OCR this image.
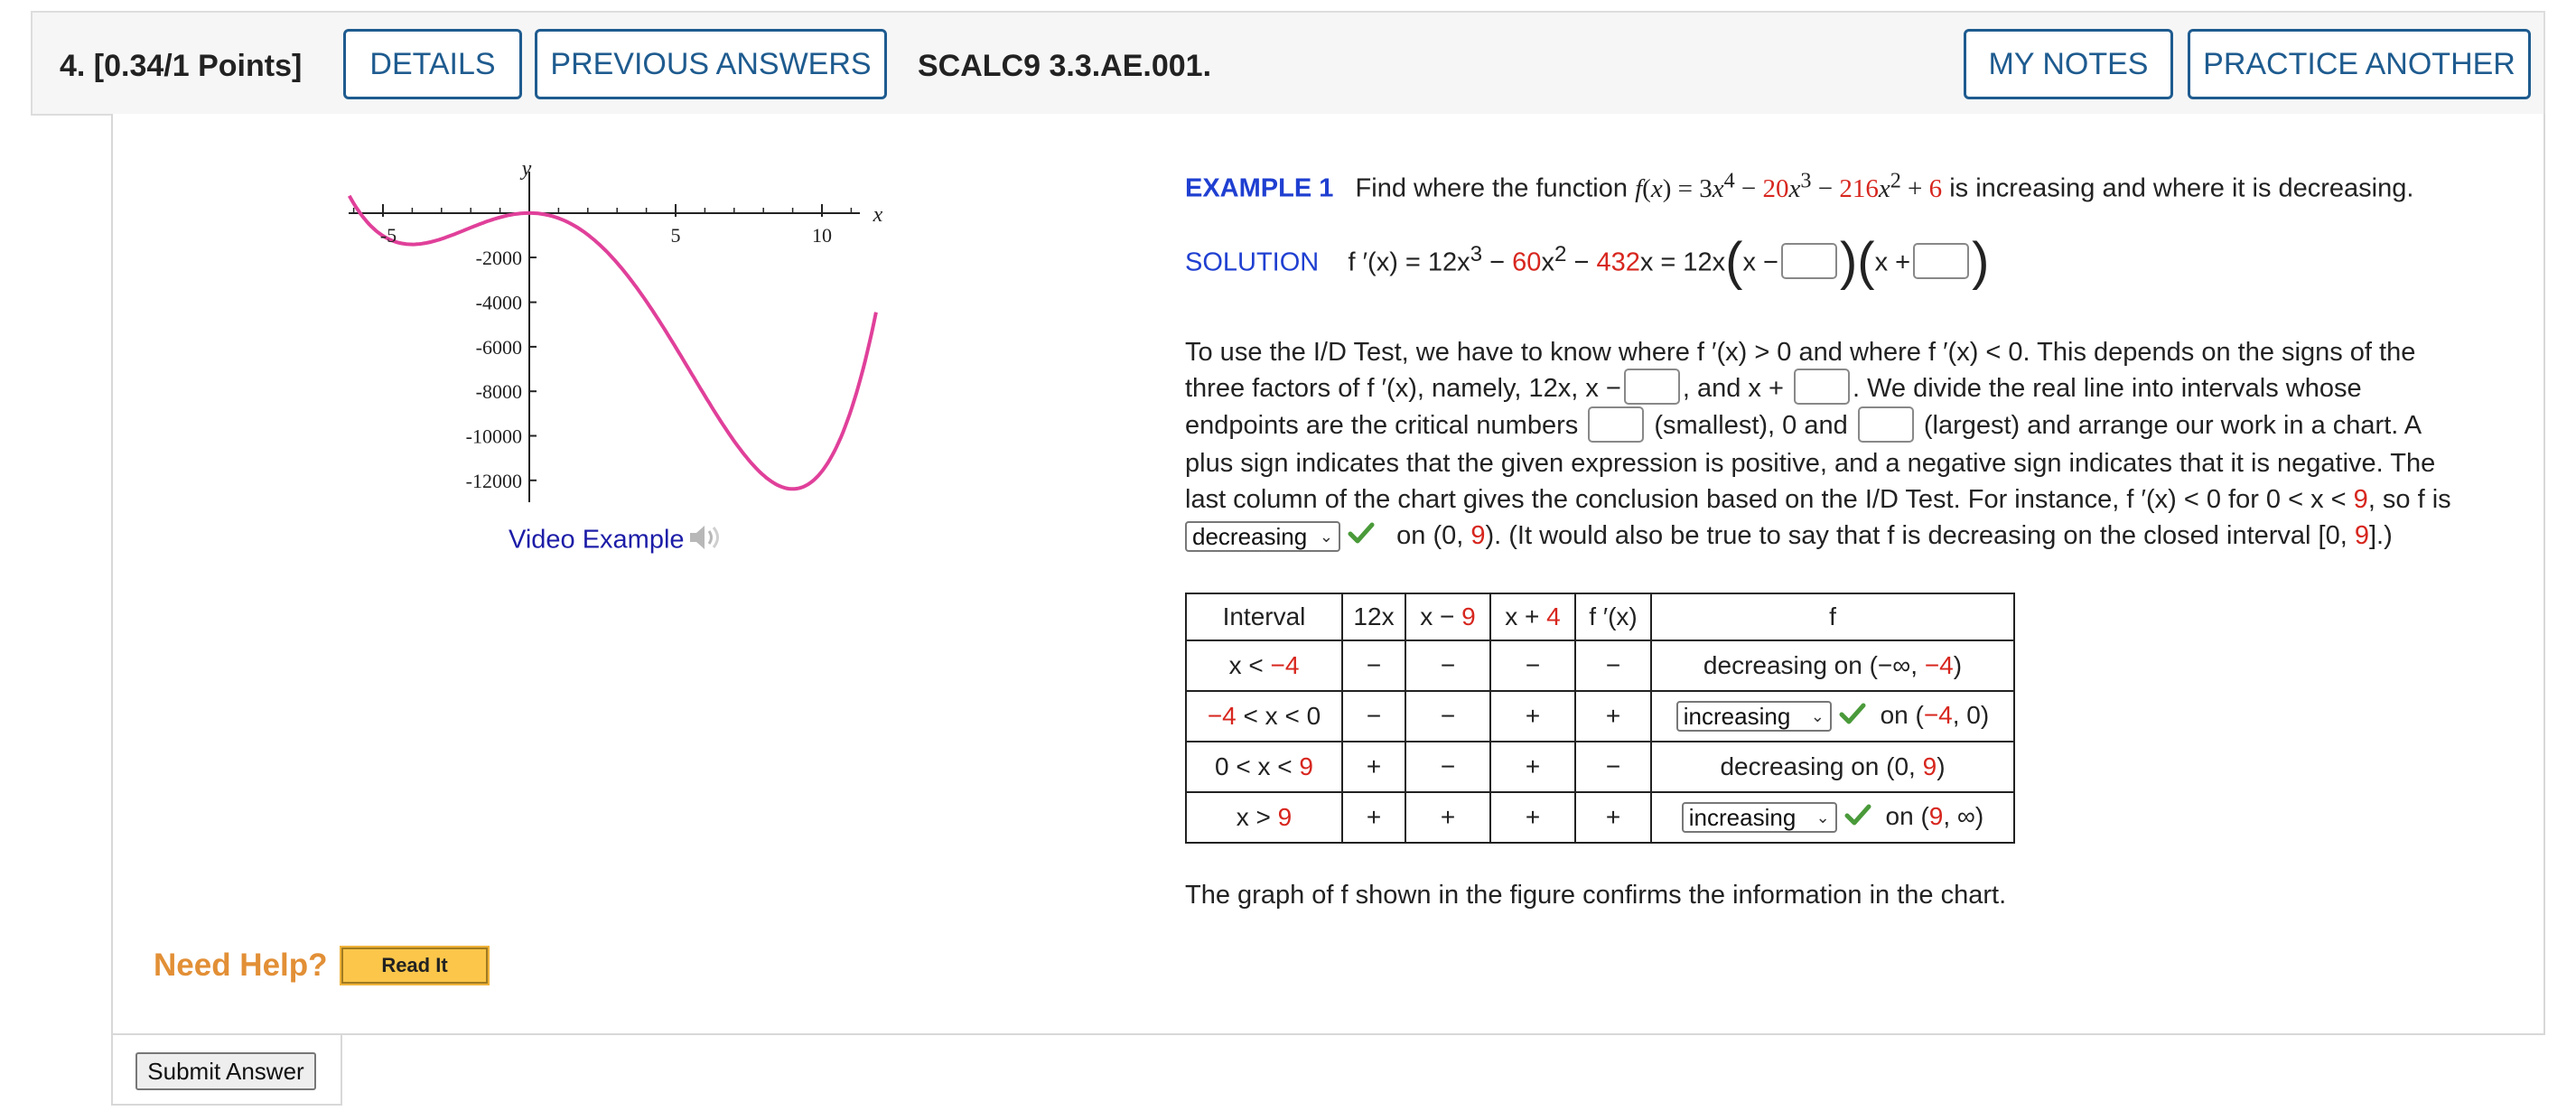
4. [0.34/1 Points]	DETAILS	PREVIOUS ANSWERS	SCALC9 3.3.AE.001.	MY NOTES	PRACTICE ANOTHER
y
x
-5	5	10
-2000
-4000
-6000
-8000
-10000
-12000
Video Example
EXAMPLE 1 Find where the function $f(x) = 3x^4 - 20x^3 - 216x^2 + 6$ is increasing and where it is decreasing.
SOLUTION f $'(x) = 12x^3 - 60x^2 - 432x = 12x(x - )(x$ + )
To use the I/D Test, we have to know where f ′(x) > 0 and where f ′(x) < 0. This depends on the signs of the
three factors of f ′(x), namely, 12x, x − , and x +	. We divide the real line into intervals whose
endpoints are the critical numbers	(smallest), 0 and	(largest) and arrange our work in a chart. A
plus sign indicates that the given expression is positive, and a negative sign indicates that it is negative. The
last column of the chart gives the conclusion based on the I/D Test. For instance, f ′(x) < 0 for 0 < x < 9, so f is

decreasing ⌄ on (0, 9). (It would also be true to say that f is decreasing on the closed interval [0, 9].)
Interval	12x	x − 9	x + 4	f ′(x)	f
x < −4	−	−	−	−	decreasing on (−∞, −4)
−4 < x < 0	−	−	+	+	increasing ⌄ on (−4, 0)
0 < x < 9	+	−	+	−	decreasing on (0, 9)
x > 9	+	+	+	+	increasing ⌄ on (9, ∞)
The graph of f shown in the figure confirms the information in the chart.
Need Help?	Read It
Submit Answer
